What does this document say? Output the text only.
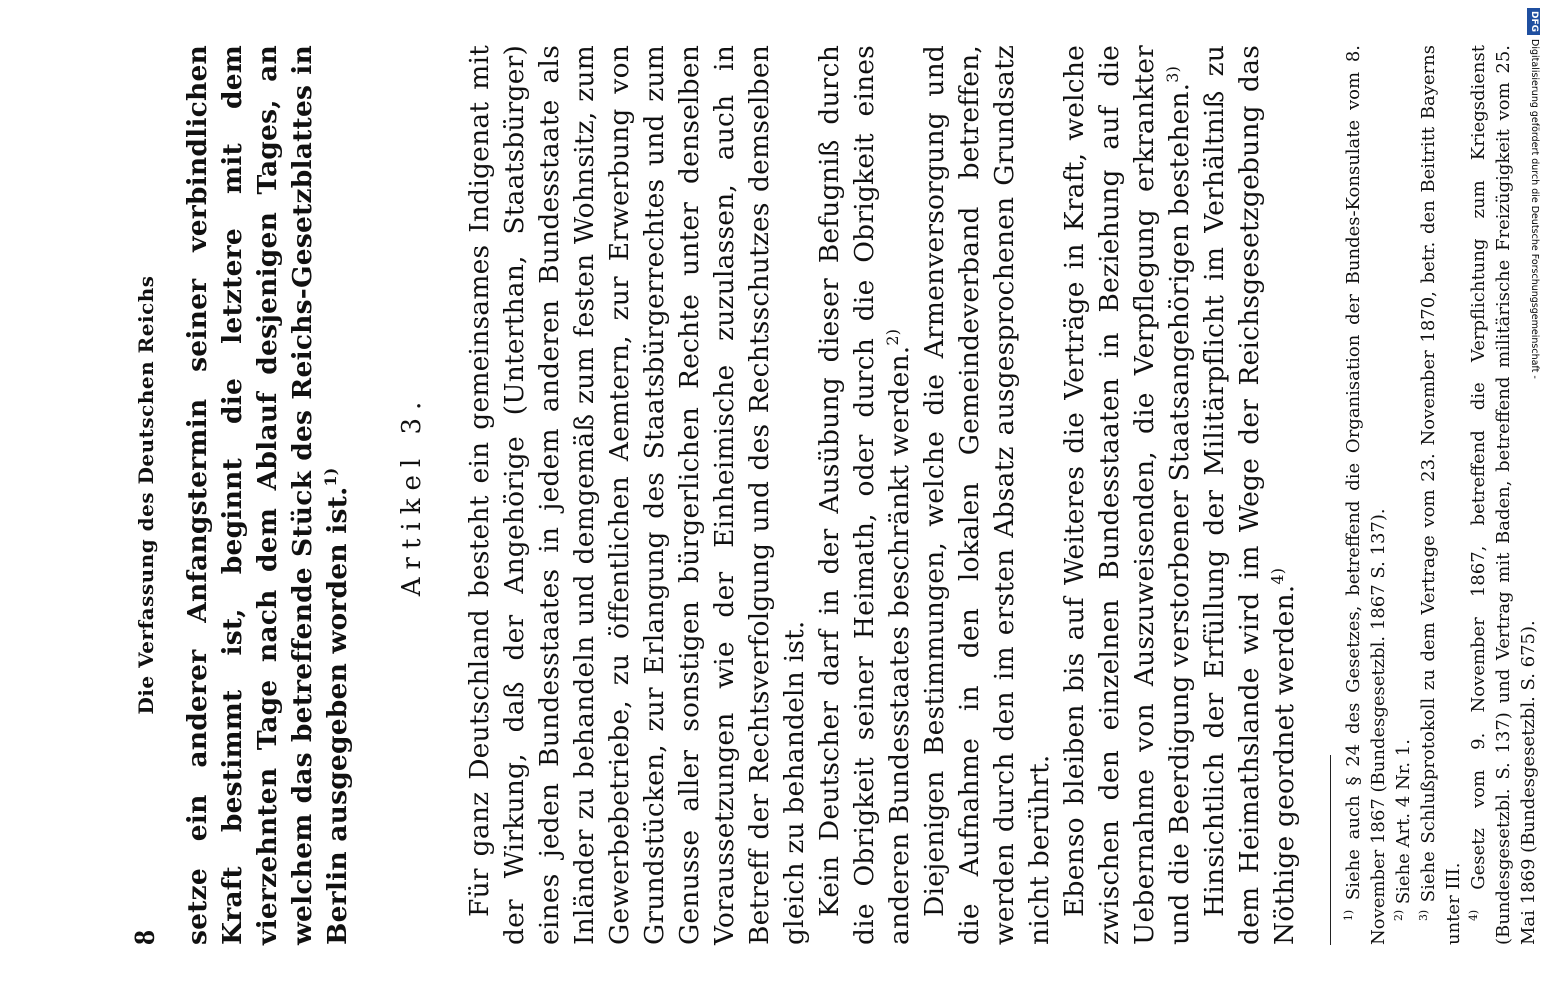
8
Die Verfassung des Deutschen Reichs setze ein anderer Anfangstermin seiner verbindlichen Kraft bestimmt ist, beginnt die letztere mit dem vierzehnten Tage nach dem Ablauf desjenigen Tages, an welchem das betreffende Stück des Reichs-Gesetzblattes in Berlin ausgegeben worden ist.$^{1)}$	Artikel 3. Für ganz Deutschland besteht ein gemeinsames Indigenat mit der Wirkung, daß der Angehörige (Unterthan, Staatsbürger) eines jeden Bundesstaates in jedem anderen Bundesstaate als Inländer zu behandeln und demgemäß zum festen Wohnsitz, zum Gewerbebetriebe, zu öffentlichen Aemtern, zur Erwerbung von Grundstücken, zur Erlangung des Staatsbürgerrechtes und zum Genusse aller sonstigen bürgerlichen Rechte unter denselben Voraussetzungen wie der Einheimische zuzulassen, auch in Betreff der Rechtsverfolgung und des Rechtsschutzes demselben gleich zu behandeln ist. Kein Deutscher darf in der Ausübung dieser Befugniß durch die Obrigkeit seiner Heimath, oder durch die Obrigkeit eines anderen Bundesstaates beschränkt werden.$^{2)}$ Diejenigen Bestimmungen, welche die Armenversorgung und die Aufnahme in den lokalen Gemeindeverband betreffen, werden durch den im ersten Absatz ausgesprochenen Grundsatz nicht berührt. Ebenso bleiben bis auf Weiteres die Verträge in Kraft, welche zwischen den einzelnen Bundesstaaten in Beziehung auf die Uebernahme von Auszuweisenden, die Verpflegung erkrankter und die Beerdigung verstorbener Staatsangehörigen bestehen.$^{3)}$ Hinsichtlich der Erfüllung der Militärpflicht im Verhältniß zu dem Heimathslande wird im Wege der Reichsgesetzgebung das Nöthige geordnet werden.$^{4)}$

$^{1)}$ Siehe auch § 24 des Gesetzes, betreffend die Organisation der Bundes-Konsulate vom 8. November 1867 (Bundesgesetzbl. 1867 S. 137). $^{2)}$ Siehe Art. 4 Nr. 1.

$^{3)}$ Siehe Schlußprotokoll zu dem Vertrage vom 23. November 1870, betr. den Beitritt Bayerns unter III. $^{4)}$ Gesetz vom 9. November 1867, betreffend die Verpflichtung zum Kriegsdienst (Bundesgesetzbl. S. 137) und Vertrag mit Baden, betreffend militärische Freizügigkeit vom 25. Mai 1869 (Bundesgesetzbl. S. 675).

DFGDigitalisierung gefördert durch die Deutsche Forschungsgemeinschaft -
